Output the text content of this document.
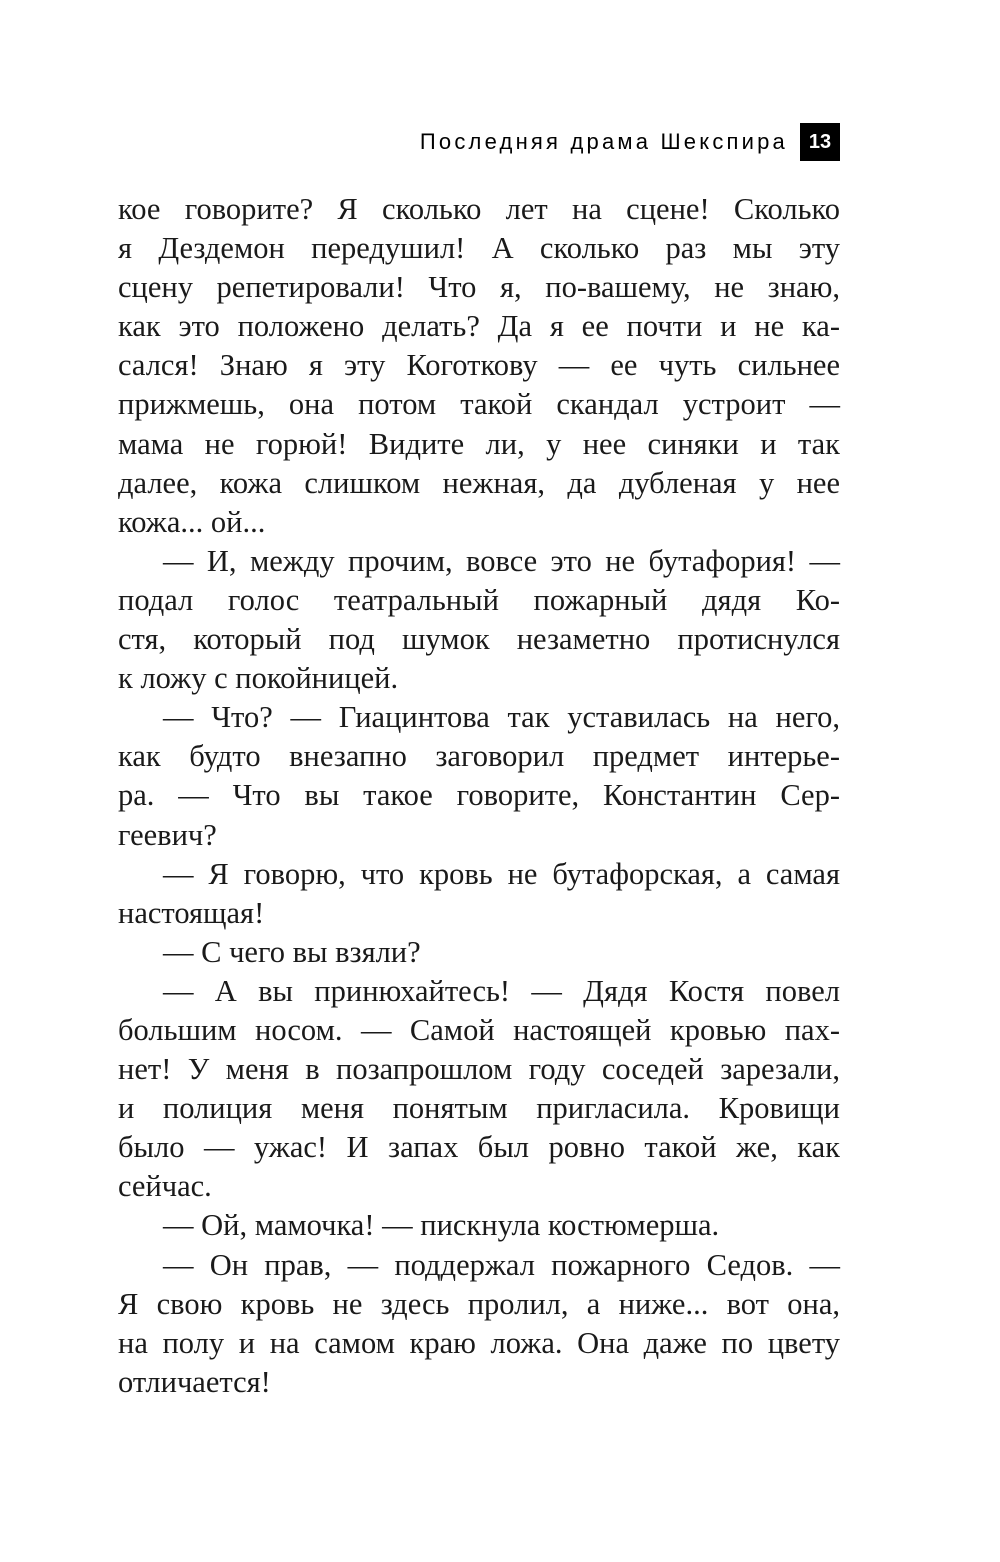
Последняя драма Шекспира	13
кое говорите? Я сколько лет на сцене! Сколько
я Дездемон передушил! А сколько раз мы эту
сцену репетировали! Что я, по-вашему, не знаю,
как это положено делать? Да я ее почти и не ка-
сался! Знаю я эту Коготкову — ее чуть сильнее
прижмешь, она потом такой скандал устроит —
мама не горюй! Видите ли, у нее синяки и так
далее, кожа слишком нежная, да дубленая у нее
кожа... ой...
— И, между прочим, вовсе это не бутафория! —
подал голос театральный пожарный дядя Ко-
стя, который под шумок незаметно протиснулся
к ложу с покойницей.
— Что? — Гиацинтова так уставилась на него,
как будто внезапно заговорил предмет интерье-
ра. — Что вы такое говорите, Константин Сер-
геевич?
— Я говорю, что кровь не бутафорская, а самая
настоящая!
— С чего вы взяли?
— А вы принюхайтесь! — Дядя Костя повел
большим носом. — Самой настоящей кровью пах-
нет! У меня в позапрошлом году соседей зарезали,
и полиция меня понятым пригласила. Кровищи
было — ужас! И запах был ровно такой же, как
сейчас.
— Ой, мамочка! — пискнула костюмерша.
— Он прав, — поддержал пожарного Седов. —
Я свою кровь не здесь пролил, а ниже... вот она,
на полу и на самом краю ложа. Она даже по цвету
отличается!
